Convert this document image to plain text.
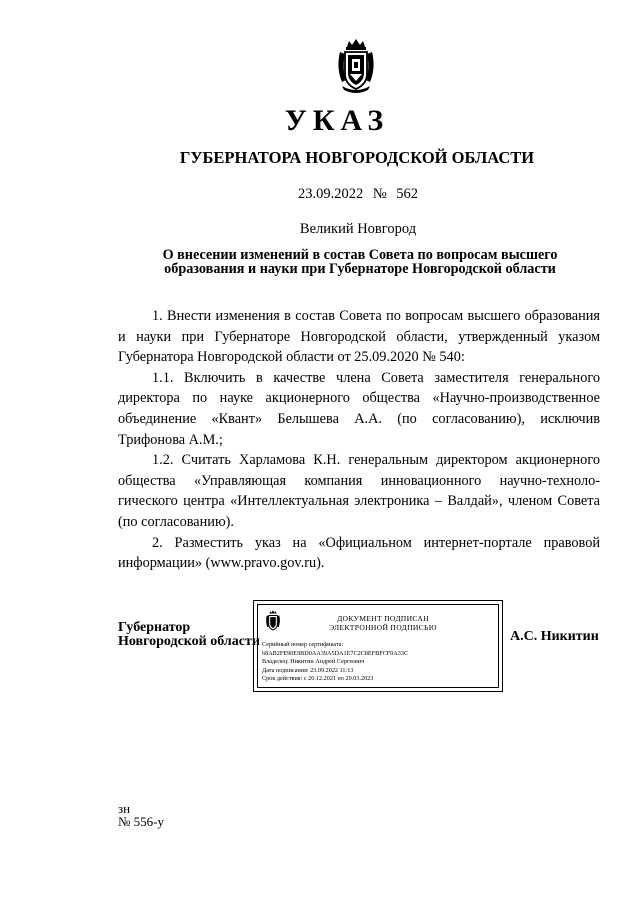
УКАЗ
ГУБЕРНАТОРА НОВГОРОДСКОЙ ОБЛАСТИ
23.09.2022 № 562
Великий Новгород
О внесении изменений в состав Совета по вопросам высшего
образования и науки при Губернаторе Новгородской области

1. Внести изменения в состав Совета по вопросам высшего образования и науки при Губернаторе Новгородской области, утвержденный указом Губернатора Новгородской области от 25.09.2020 № 540:

1.1. Включить в качестве члена Совета заместителя генерального директора по науке акционерного общества «Научно-производственное объединение «Квант» Белышева А.А. (по согласованию), исключив Трифонова А.М.;

1.2. Считать Харламова К.Н. генеральным директором акционерного общества «Управляющая компания инновационного научно-техноло-гического центра «Интеллектуальная электроника – Валдай», членом Совета (по согласованию).

2. Разместить указ на «Официальном интернет-портале правовой информации» (www.pravo.gov.ru).

Губернатор
Новгородской области
ДОКУМЕНТ ПОДПИСАН
ЭЛЕКТРОННОЙ ПОДПИСЬЮ
Серийный номер сертификата:
68AB2FE90E9BD0AA39A5DA1E7C2C8EFBFCF0A33C
Владелец: Никитин Андрей Сергеевич
Дата подписания: 23.09.2022 11:13
Срок действия: с 20.12.2021 по 20.03.2023
А.С. Никитин
зн
№ 556-у
